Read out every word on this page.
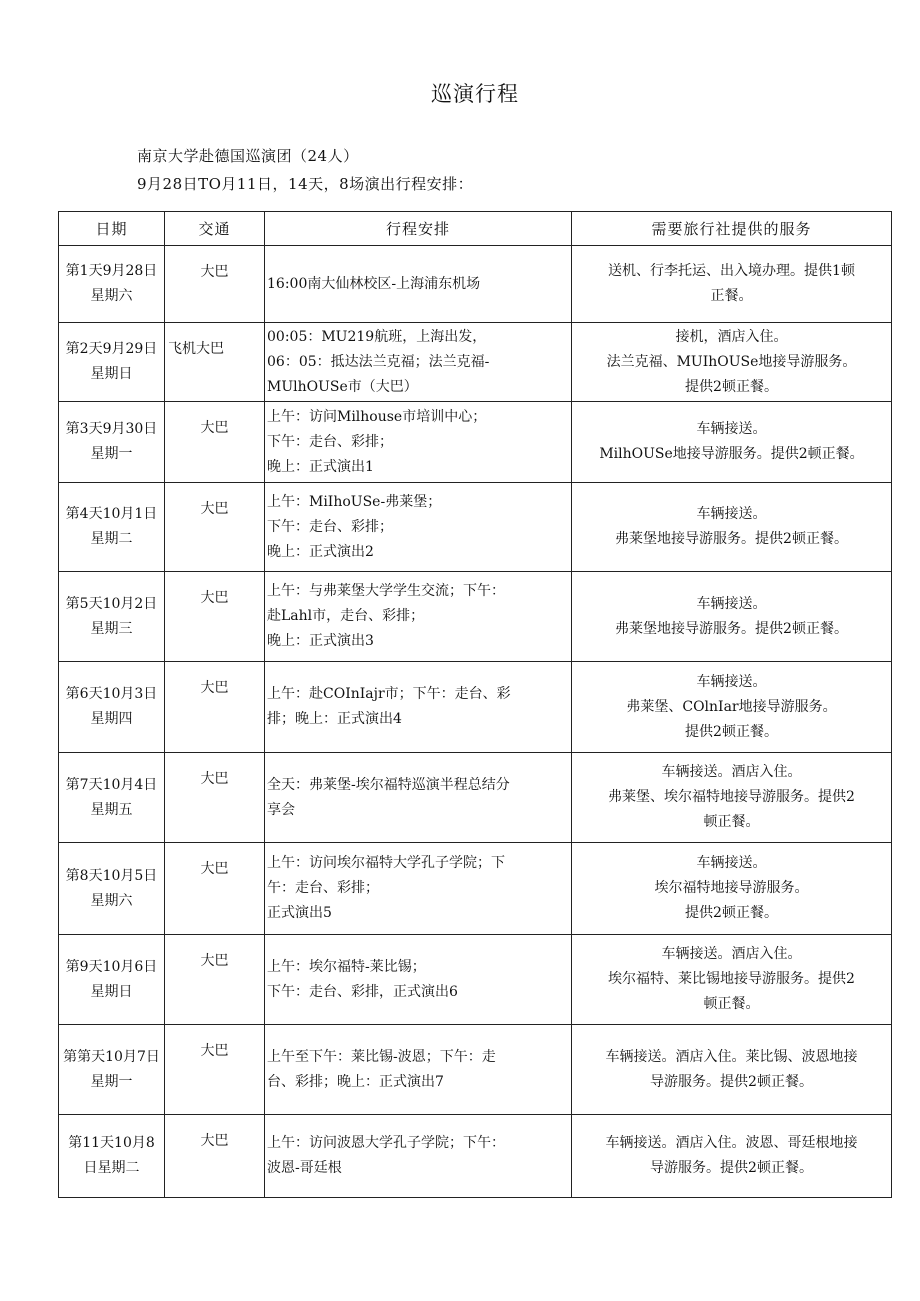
巡演行程
南京大学赴德国巡演团（24人）
9月28日TO月11日，14天，8场演出行程安排：
日期	交通	行程安排	需要旅行社提供的服务
第1天9月28日星期六	大巴	16:00南大仙林校区-上海浦东机场	送机、行李托运、出入境办理。提供1顿
正餐。

第2天9月29日星期日	飞机大巴	00:05：MU219航班，上海出发，
06：05：抵达法兰克福；法兰克福-
MUlhOUSe市（大巴）	接机，酒店入住。
法兰克福、MUIhOUSe地接导游服务。
提供2顿正餐。

第3天9月30日星期一	大巴	上午：访问Milhouse市培训中心；
下午：走台、彩排；
晚上：正式演出1	车辆接送。
MilhOUSe地接导游服务。提供2顿正餐。

第4天10月1日星期二	大巴	上午：MiIhoUSe-弗莱堡；
下午：走台、彩排；
晚上：正式演出2	车辆接送。
弗莱堡地接导游服务。提供2顿正餐。

第5天10月2日星期三	大巴	上午：与弗莱堡大学学生交流；下午：
赴Lahl市，走台、彩排；
晚上：正式演出3	车辆接送。
弗莱堡地接导游服务。提供2顿正餐。

第6天10月3日星期四	大巴	上午：赴COInIajr市；下午：走台、彩
排；晚上：正式演出4	车辆接送。
弗莱堡、COlnIar地接导游服务。
提供2顿正餐。

第7天10月4日星期五	大巴	全天：弗莱堡-埃尔福特巡演半程总结分
享会	车辆接送。酒店入住。
弗莱堡、埃尔福特地接导游服务。提供2
顿正餐。

第8天10月5日星期六	大巴	上午：访问埃尔福特大学孔子学院；下
午：走台、彩排；
正式演出5	车辆接送。
埃尔福特地接导游服务。
提供2顿正餐。

第9天10月6日星期日	大巴	上午：埃尔福特-莱比锡；
下午：走台、彩排，正式演出6	车辆接送。酒店入住。
埃尔福特、莱比锡地接导游服务。提供2
顿正餐。

第第天10月7日星期一	大巴	上午至下午：莱比锡-波恩；下午：走
台、彩排；晚上：正式演出7	车辆接送。酒店入住。莱比锡、波恩地接
导游服务。提供2顿正餐。

第11天10月8日星期二	大巴	上午：访问波恩大学孔子学院；下午：
波恩-哥廷根	车辆接送。酒店入住。波恩、哥廷根地接
导游服务。提供2顿正餐。
